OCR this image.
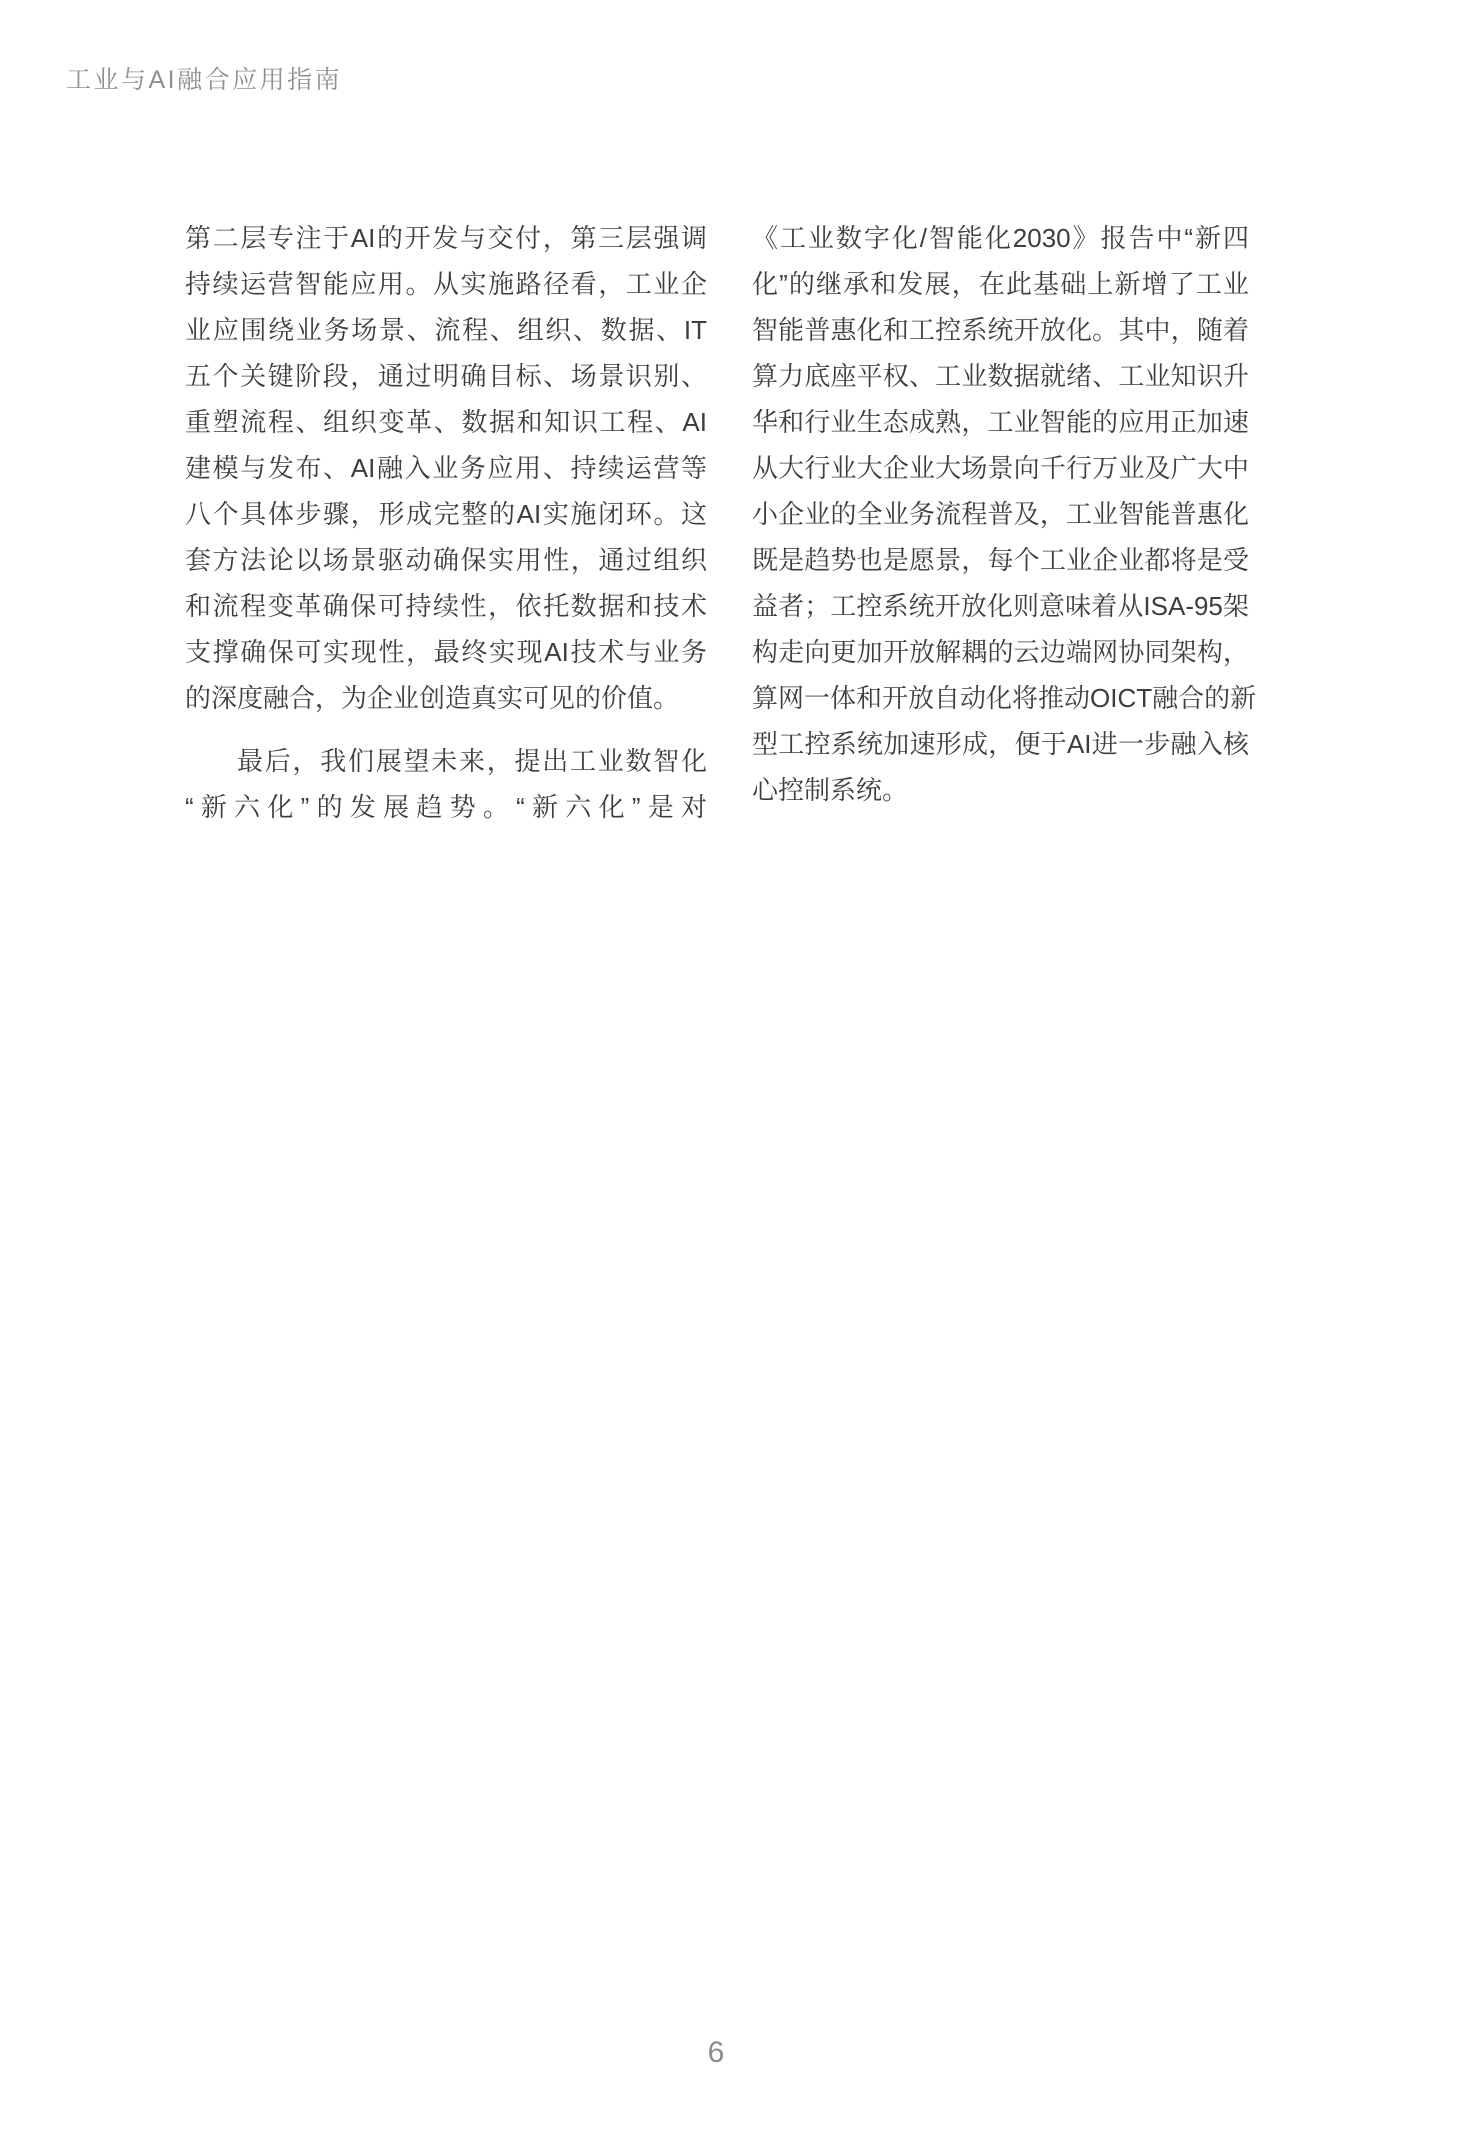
工业与AI融合应用指南
第二层专注于AI的开发与交付，第三层强调
持续运营智能应用。从实施路径看，工业企
业应围绕业务场景、流程、组织、数据、IT
五个关键阶段，通过明确目标、场景识别、
重塑流程、组织变革、数据和知识工程、AI
建模与发布、AI融入业务应用、持续运营等
八个具体步骤，形成完整的AI实施闭环。这
套方法论以场景驱动确保实用性，通过组织
和流程变革确保可持续性，依托数据和技术
支撑确保可实现性，最终实现AI技术与业务
的深度融合，为企业创造真实可见的价值。
最后，我们展望未来，提出工业数智化
“新六化”的发展趋势。“新六化”是对
《工业数字化/智能化2030》报告中“新四
化”的继承和发展，在此基础上新增了工业
智能普惠化和工控系统开放化。其中，随着
算力底座平权、工业数据就绪、工业知识升
华和行业生态成熟，工业智能的应用正加速
从大行业大企业大场景向千行万业及广大中
小企业的全业务流程普及，工业智能普惠化
既是趋势也是愿景，每个工业企业都将是受
益者；工控系统开放化则意味着从ISA-95架
构走向更加开放解耦的云边端网协同架构，
算网一体和开放自动化将推动OICT融合的新
型工控系统加速形成，便于AI进一步融入核
心控制系统。
6
